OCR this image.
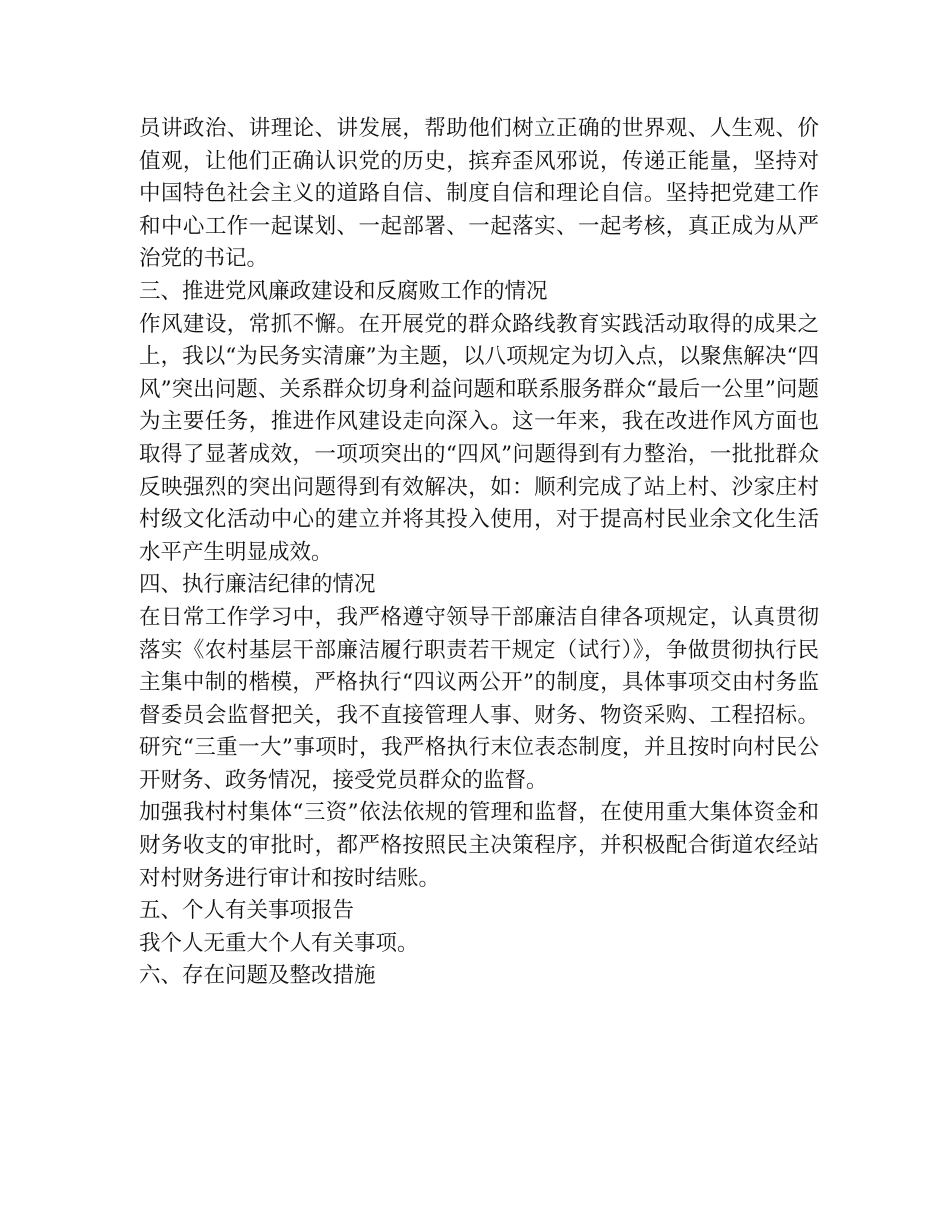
员讲政治、讲理论、讲发展，帮助他们树立正确的世界观、人生观、价值观，让他们正确认识党的历史，摈弃歪风邪说，传递正能量，坚持对中国特色社会主义的道路自信、制度自信和理论自信。坚持把党建工作和中心工作一起谋划、一起部署、一起落实、一起考核，真正成为从严治党的书记。

三、推进党风廉政建设和反腐败工作的情况

作风建设，常抓不懈。在开展党的群众路线教育实践活动取得的成果之上，我以“为民务实清廉”为主题，以八项规定为切入点，以聚焦解决“四风”突出问题、关系群众切身利益问题和联系服务群众“最后一公里”问题为主要任务，推进作风建设走向深入。这一年来，我在改进作风方面也取得了显著成效，一项项突出的“四风”问题得到有力整治，一批批群众反映强烈的突出问题得到有效解决，如：顺利完成了站上村、沙家庄村村级文化活动中心的建立并将其投入使用，对于提高村民业余文化生活水平产生明显成效。

四、执行廉洁纪律的情况

在日常工作学习中，我严格遵守领导干部廉洁自律各项规定，认真贯彻落实《农村基层干部廉洁履行职责若干规定（试行）》，争做贯彻执行民主集中制的楷模，严格执行“四议两公开”的制度，具体事项交由村务监督委员会监督把关，我不直接管理人事、财务、物资采购、工程招标。研究“三重一大”事项时，我严格执行末位表态制度，并且按时向村民公开财务、政务情况，接受党员群众的监督。

加强我村村集体“三资”依法依规的管理和监督，在使用重大集体资金和财务收支的审批时，都严格按照民主决策程序，并积极配合街道农经站对村财务进行审计和按时结账。

五、个人有关事项报告

我个人无重大个人有关事项。

六、存在问题及整改措施
